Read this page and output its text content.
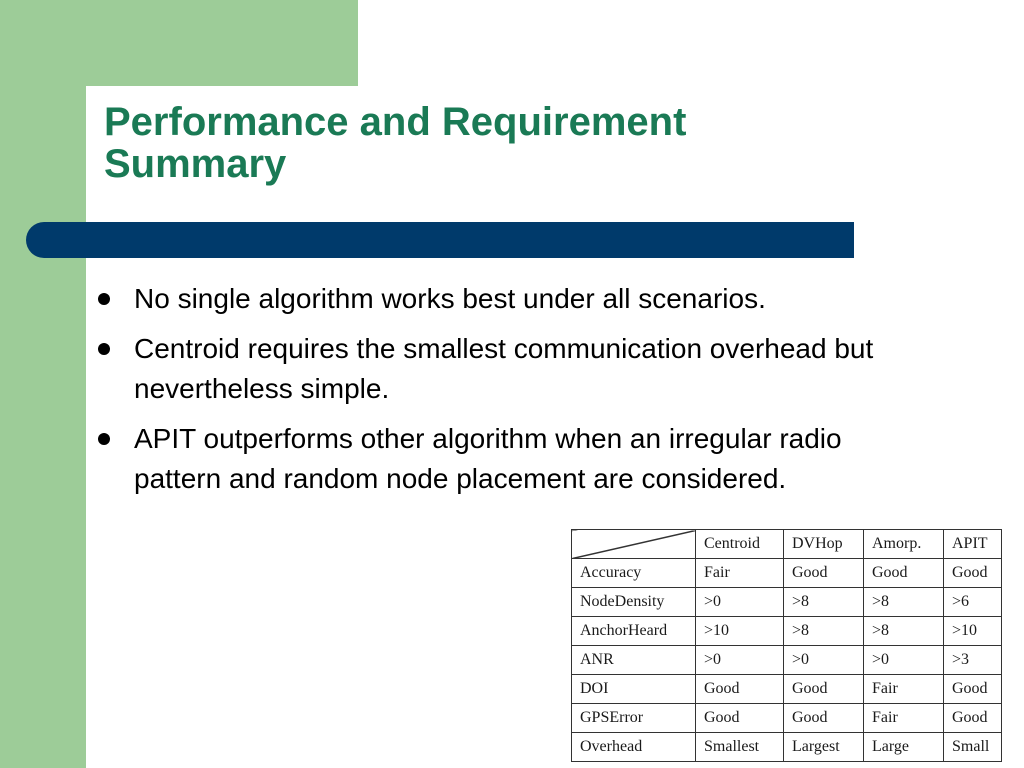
Performance and Requirement
Summary
No single algorithm works best under all scenarios.
Centroid requires the smallest communication overhead but nevertheless simple.
APIT outperforms other algorithm when an irregular radio pattern and random node placement are considered.
	Centroid	DVHop	Amorp.	APIT
Accuracy	Fair	Good	Good	Good
NodeDensity	>0	>8	>8	>6
AnchorHeard	>10	>8	>8	>10
ANR	>0	>0	>0	>3
DOI	Good	Good	Fair	Good
GPSError	Good	Good	Fair	Good
Overhead	Smallest	Largest	Large	Small
